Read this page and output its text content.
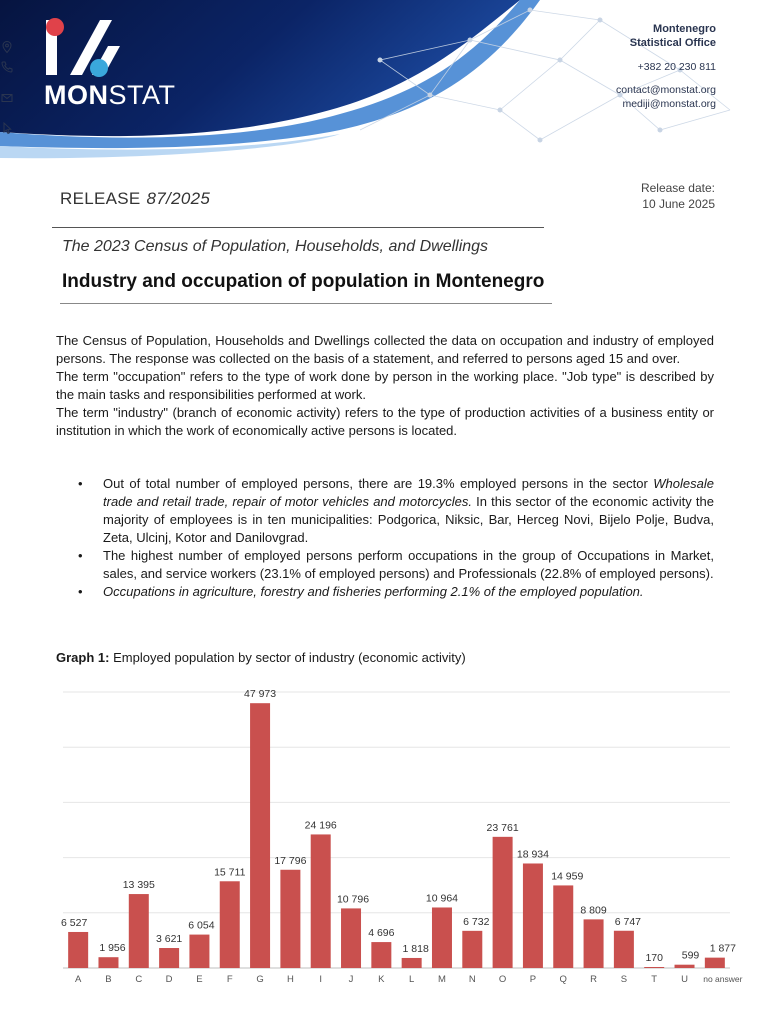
MONSTAT
Montenegro
Statistical Office
+382 20 230 811
contact@monstat.org
mediji@monstat.org
RELEASE 87/2025
Release date:
10 June 2025
The 2023 Census of Population, Households, and Dwellings
Industry and occupation of population in Montenegro

The Census of Population, Households and Dwellings collected the data on occupation and industry of employed persons. The response was collected on the basis of a statement, and referred to persons aged 15 and over.

The term "occupation" refers to the type of work done by person in the working place. "Job type" is described by the main tasks and responsibilities performed at work.

The term "industry" (branch of economic activity) refers to the type of production activities of a business entity or institution in which the work of economically active persons is located.

• Out of total number of employed persons, there are 19.3% employed persons in the sector Wholesale trade and retail trade, repair of motor vehicles and motorcycles. In this sector of the economic activity the majority of employees is in ten municipalities: Podgorica, Niksic, Bar, Herceg Novi, Bijelo Polje, Budva, Zeta, Ulcinj, Kotor and Danilovgrad.
• The highest number of employed persons perform occupations in the group of Occupations in Market, sales, and service workers (23.1% of employed persons) and Professionals (22.8% of employed persons).
• Occupations in agriculture, forestry and fisheries performing 2.1% of the employed population.
Graph 1: Employed population by sector of industry (economic activity)
6 527
1 956
13 395
3 621
6 054
15 711
47 973
17 796
24 196
10 796
4 696
1 818
10 964
6 732
23 761
18 934
14 959
8 809
6 747
170 599
1 877
A	B C D E	F G H	I	J	K	L M N O P Q R S	T	U no answer
